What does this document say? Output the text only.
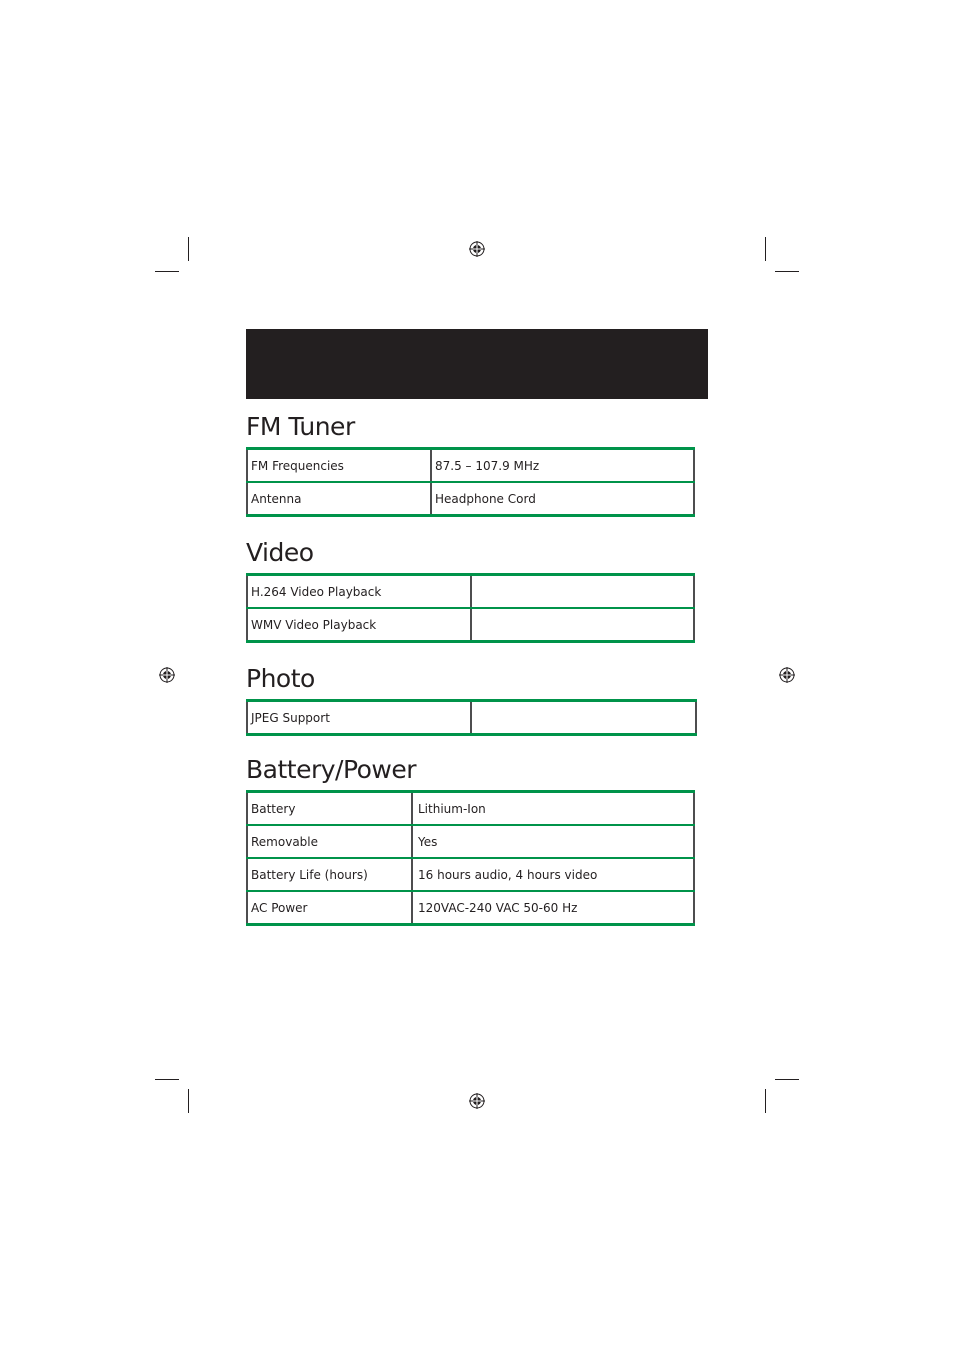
FM Tuner
FM Frequencies	87.5 – 107.9 MHz
Antenna	Headphone Cord
Video
H.264 Video Playback	
WMV Video Playback	
Photo
JPEG Support	
Battery/Power
Battery	Lithium-Ion
Removable	Yes
Battery Life (hours)	16 hours audio, 4 hours video
AC Power	120VAC-240 VAC 50-60 Hz
